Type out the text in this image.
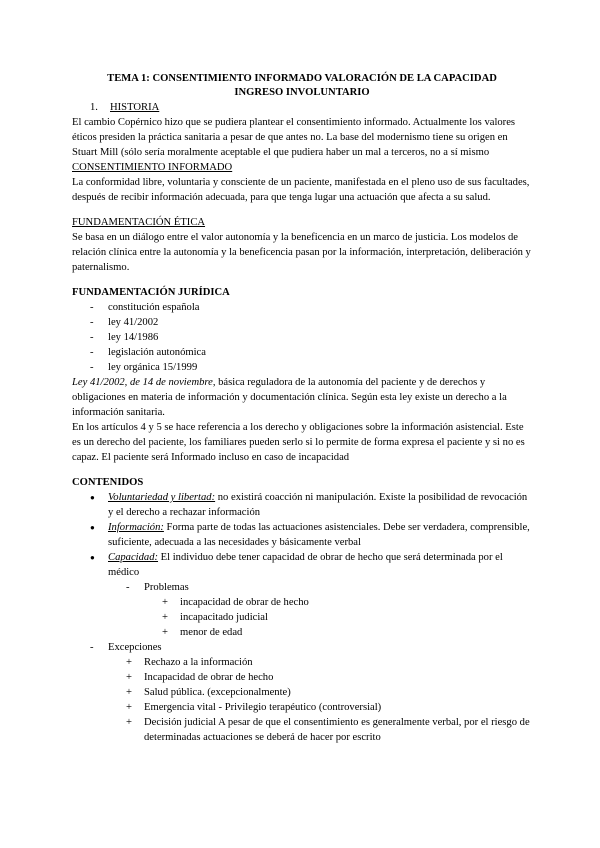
TEMA 1: CONSENTIMIENTO INFORMADO VALORACIÓN DE LA CAPACIDAD

INGRESO INVOLUNTARIO

1. HISTORIA

El cambio Copérnico hizo que se pudiera plantear el consentimiento informado. Actualmente los valores éticos presiden la práctica sanitaria a pesar de que antes no. La base del modernismo tiene su origen en Stuart Mill (sólo sería moralmente aceptable el que pudiera haber un mal a terceros, no a sí mismo

CONSENTIMIENTO INFORMADO

La conformidad libre, voluntaria y consciente de un paciente, manifestada en el pleno uso de sus facultades, después de recibir información adecuada, para que tenga lugar una actuación que afecta a su salud.

FUNDAMENTACIÓN ÉTICA

Se basa en un diálogo entre el valor autonomía y la beneficencia en un marco de justicia. Los modelos de relación clínica entre la autonomía y la beneficencia pasan por la información, interpretación, deliberación y paternalismo.

FUNDAMENTACIÓN JURÍDICA

- constitución española
- ley 41/2002
- ley 14/1986
- legislación autonómica
- ley orgánica 15/1999

Ley 41/2002, de 14 de noviembre, básica reguladora de la autonomía del paciente y de derechos y obligaciones en materia de información y documentación clínica. Según esta ley existe un derecho a la información sanitaria.

En los artículos 4 y 5 se hace referencia a los derecho y obligaciones sobre la información asistencial. Este es un derecho del paciente, los familiares pueden serlo si lo permite de forma expresa el paciente y si no es capaz. El paciente será Informado incluso en caso de incapacidad

CONTENIDOS

● Voluntariedad y libertad: no existirá coacción ni manipulación. Existe la posibilidad de revocación y el derecho a rechazar información
● Información: Forma parte de todas las actuaciones asistenciales. Debe ser verdadera, comprensible, suficiente, adecuada a las necesidades y básicamente verbal
● Capacidad: El individuo debe tener capacidad de obrar de hecho que será determinada por el médico
- Problemas
+ incapacidad de obrar de hecho
+ incapacitado judicial
+ menor de edad
- Excepciones
+ Rechazo a la información
+ Incapacidad de obrar de hecho
+ Salud pública. (excepcionalmente)
+ Emergencia vital - Privilegio terapéutico (controversial)
+ Decisión judicial A pesar de que el consentimiento es generalmente verbal, por el riesgo de determinadas actuaciones se deberá de hacer por escrito
